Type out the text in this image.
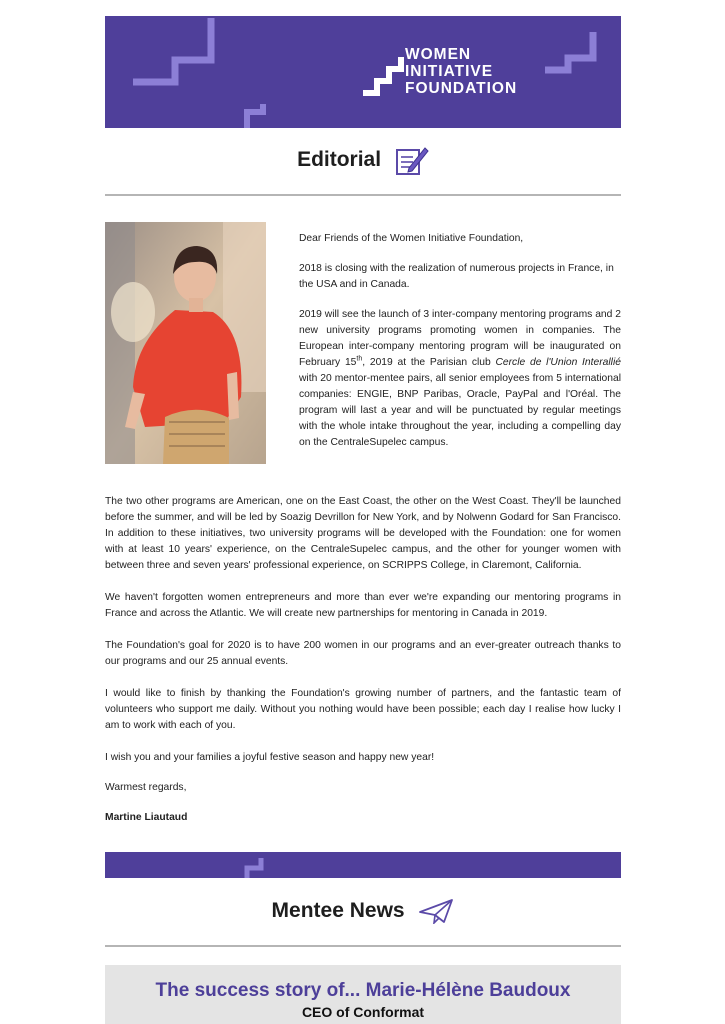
WOMEN
INITIATIVE
FOUNDATION
Editorial

Dear Friends of the Women Initiative Foundation,

2018 is closing with the realization of numerous projects in France, in the USA and in Canada.

2019 will see the launch of 3 inter-company mentoring programs and 2 new university programs promoting women in companies. The European inter-company mentoring program will be inaugurated on February 15th, 2019 at the Parisian club Cercle de l'Union Interallié with 20 mentor-mentee pairs, all senior employees from 5 international companies: ENGIE, BNP Paribas, Oracle, PayPal and l'Oréal. The program will last a year and will be punctuated by regular meetings with the whole intake throughout the year, including a compelling day on the CentraleSupelec campus.

The two other programs are American, one on the East Coast, the other on the West Coast. They'll be launched before the summer, and will be led by Soazig Devrillon for New York, and by Nolwenn Godard for San Francisco. In addition to these initiatives, two university programs will be developed with the Foundation: one for women with at least 10 years' experience, on the CentraleSupelec campus, and the other for younger women with between three and seven years' professional experience, on SCRIPPS College, in Claremont, California.

We haven't forgotten women entrepreneurs and more than ever we're expanding our mentoring programs in France and across the Atlantic. We will create new partnerships for mentoring in Canada in 2019.

The Foundation's goal for 2020 is to have 200 women in our programs and an ever-greater outreach thanks to our programs and our 25 annual events.

I would like to finish by thanking the Foundation's growing number of partners, and the fantastic team of volunteers who support me daily. Without you nothing would have been possible; each day I realise how lucky I am to work with each of you.

I wish you and your families a joyful festive season and happy new year!

Warmest regards,

Martine Liautaud

Mentee News
The success story of... Marie-Hélène Baudoux
CEO of Conformat
